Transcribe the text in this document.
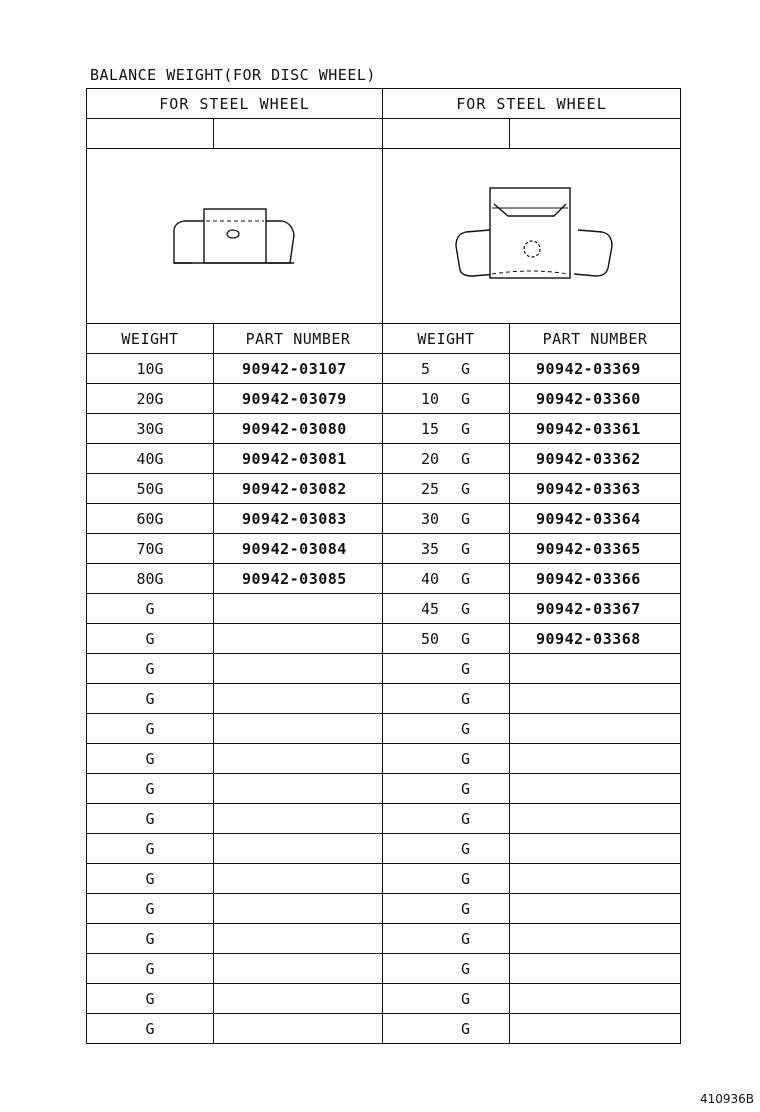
BALANCE WEIGHT(FOR DISC WHEEL)
FOR STEEL WHEEL		FOR STEEL WHEEL	

WEIGHT	PART NUMBER	WEIGHT	PART NUMBER
10G	90942-03107	5 G	90942-03369
20G	90942-03079	10 G	90942-03360
30G	90942-03080	15 G	90942-03361
40G	90942-03081	20 G	90942-03362
50G	90942-03082	25 G	90942-03363
60G	90942-03083	30 G	90942-03364
70G	90942-03084	35 G	90942-03365
80G	90942-03085	40 G	90942-03366
G		45 G	90942-03367
G		50 G	90942-03368
G		G	
G		G	
G		G	
G		G	
G		G	
G		G	
G		G	
G		G	
G		G	
G		G	
G		G	
G		G	
G		G	
410936B
